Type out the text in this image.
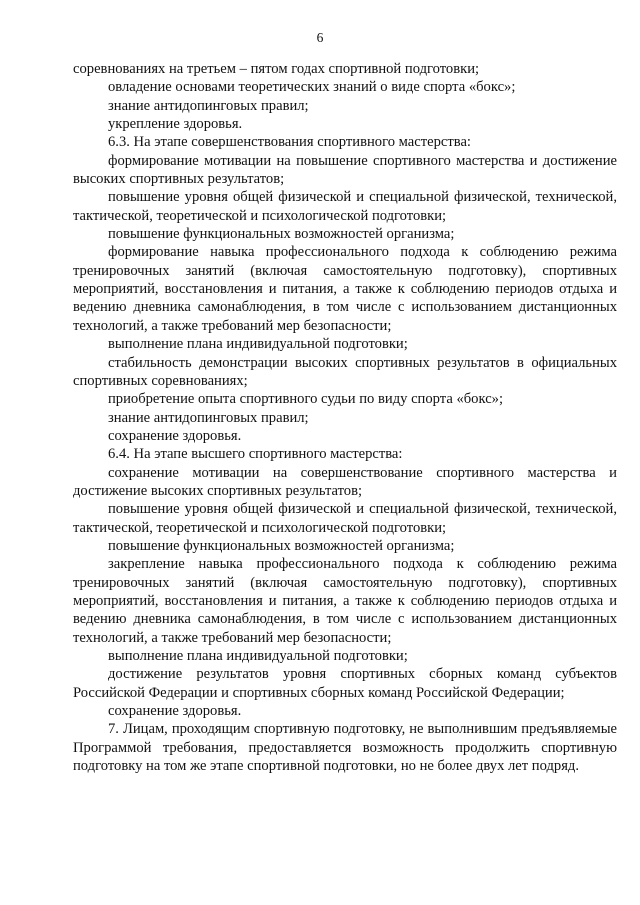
6

соревнованиях на третьем – пятом годах спортивной подготовки;

овладение основами теоретических знаний о виде спорта «бокс»;

знание антидопинговых правил;

укрепление здоровья.

6.3. На этапе совершенствования спортивного мастерства:

формирование мотивации на повышение спортивного мастерства и достижение высоких спортивных результатов;

повышение уровня общей физической и специальной физической, технической, тактической, теоретической и психологической подготовки;

повышение функциональных возможностей организма;

формирование навыка профессионального подхода к соблюдению режима тренировочных занятий (включая самостоятельную подготовку), спортивных мероприятий, восстановления и питания, а также к соблюдению периодов отдыха и ведению дневника самонаблюдения, в том числе с использованием дистанционных технологий, а также требований мер безопасности;

выполнение плана индивидуальной подготовки;

стабильность демонстрации высоких спортивных результатов в официальных спортивных соревнованиях;

приобретение опыта спортивного судьи по виду спорта «бокс»;

знание антидопинговых правил;

сохранение здоровья.

6.4. На этапе высшего спортивного мастерства:

сохранение мотивации на совершенствование спортивного мастерства и достижение высоких спортивных результатов;

повышение уровня общей физической и специальной физической, технической, тактической, теоретической и психологической подготовки;

повышение функциональных возможностей организма;

закрепление навыка профессионального подхода к соблюдению режима тренировочных занятий (включая самостоятельную подготовку), спортивных мероприятий, восстановления и питания, а также к соблюдению периодов отдыха и ведению дневника самонаблюдения, в том числе с использованием дистанционных технологий, а также требований мер безопасности;

выполнение плана индивидуальной подготовки;

достижение результатов уровня спортивных сборных команд субъектов Российской Федерации и спортивных сборных команд Российской Федерации;

сохранение здоровья.

7. Лицам, проходящим спортивную подготовку, не выполнившим предъявляемые Программой требования, предоставляется возможность продолжить спортивную подготовку на том же этапе спортивной подготовки, но не более двух лет подряд.
